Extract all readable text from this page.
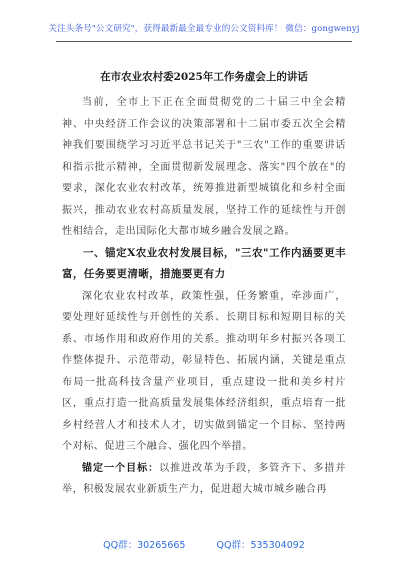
关注头条号"公文研究"，获得最新最全最专业的公文资料库！ 微信：gongwenyj
在市农业农村委2025年工作务虚会上的讲话

当前，全市上下正在全面贯彻党的二十届三中全会精神、中央经济工作会议的决策部署和十二届市委五次全会精神我们要围绕学习习近平总书记关于"三农"工作的重要讲话和指示批示精神，全面贯彻新发展理念、落实"四个放在"的要求，深化农业农村改革，统筹推进新型城镇化和乡村全面振兴，推动农业农村高质量发展，坚持工作的延续性与开创性相结合，走出国际化大都市城乡融合发展之路。

一、锚定X农业农村发展目标，"三农"工作内涵要更丰富，任务要更清晰，措施要更有力

深化农业农村改革，政策性强，任务繁重，牵涉面广，要处理好延续性与开创性的关系、长期目标和短期目标的关系、市场作用和政府作用的关系。推动明年乡村振兴各项工作整体提升、示范带动，彰显特色、拓展内涵，关键是重点布局一批高科技含量产业项目，重点建设一批和美乡村片区，重点打造一批高质量发展集体经济组织，重点培育一批乡村经营人才和技术人才，切实做到锚定一个目标、坚持两个对标、促进三个融合、强化四个举措。

锚定一个目标：以推进改革为手段，多管齐下、多措并举，积极发展农业新质生产力，促进超大城市城乡融合再

QQ群：30265665	QQ群：535304092
